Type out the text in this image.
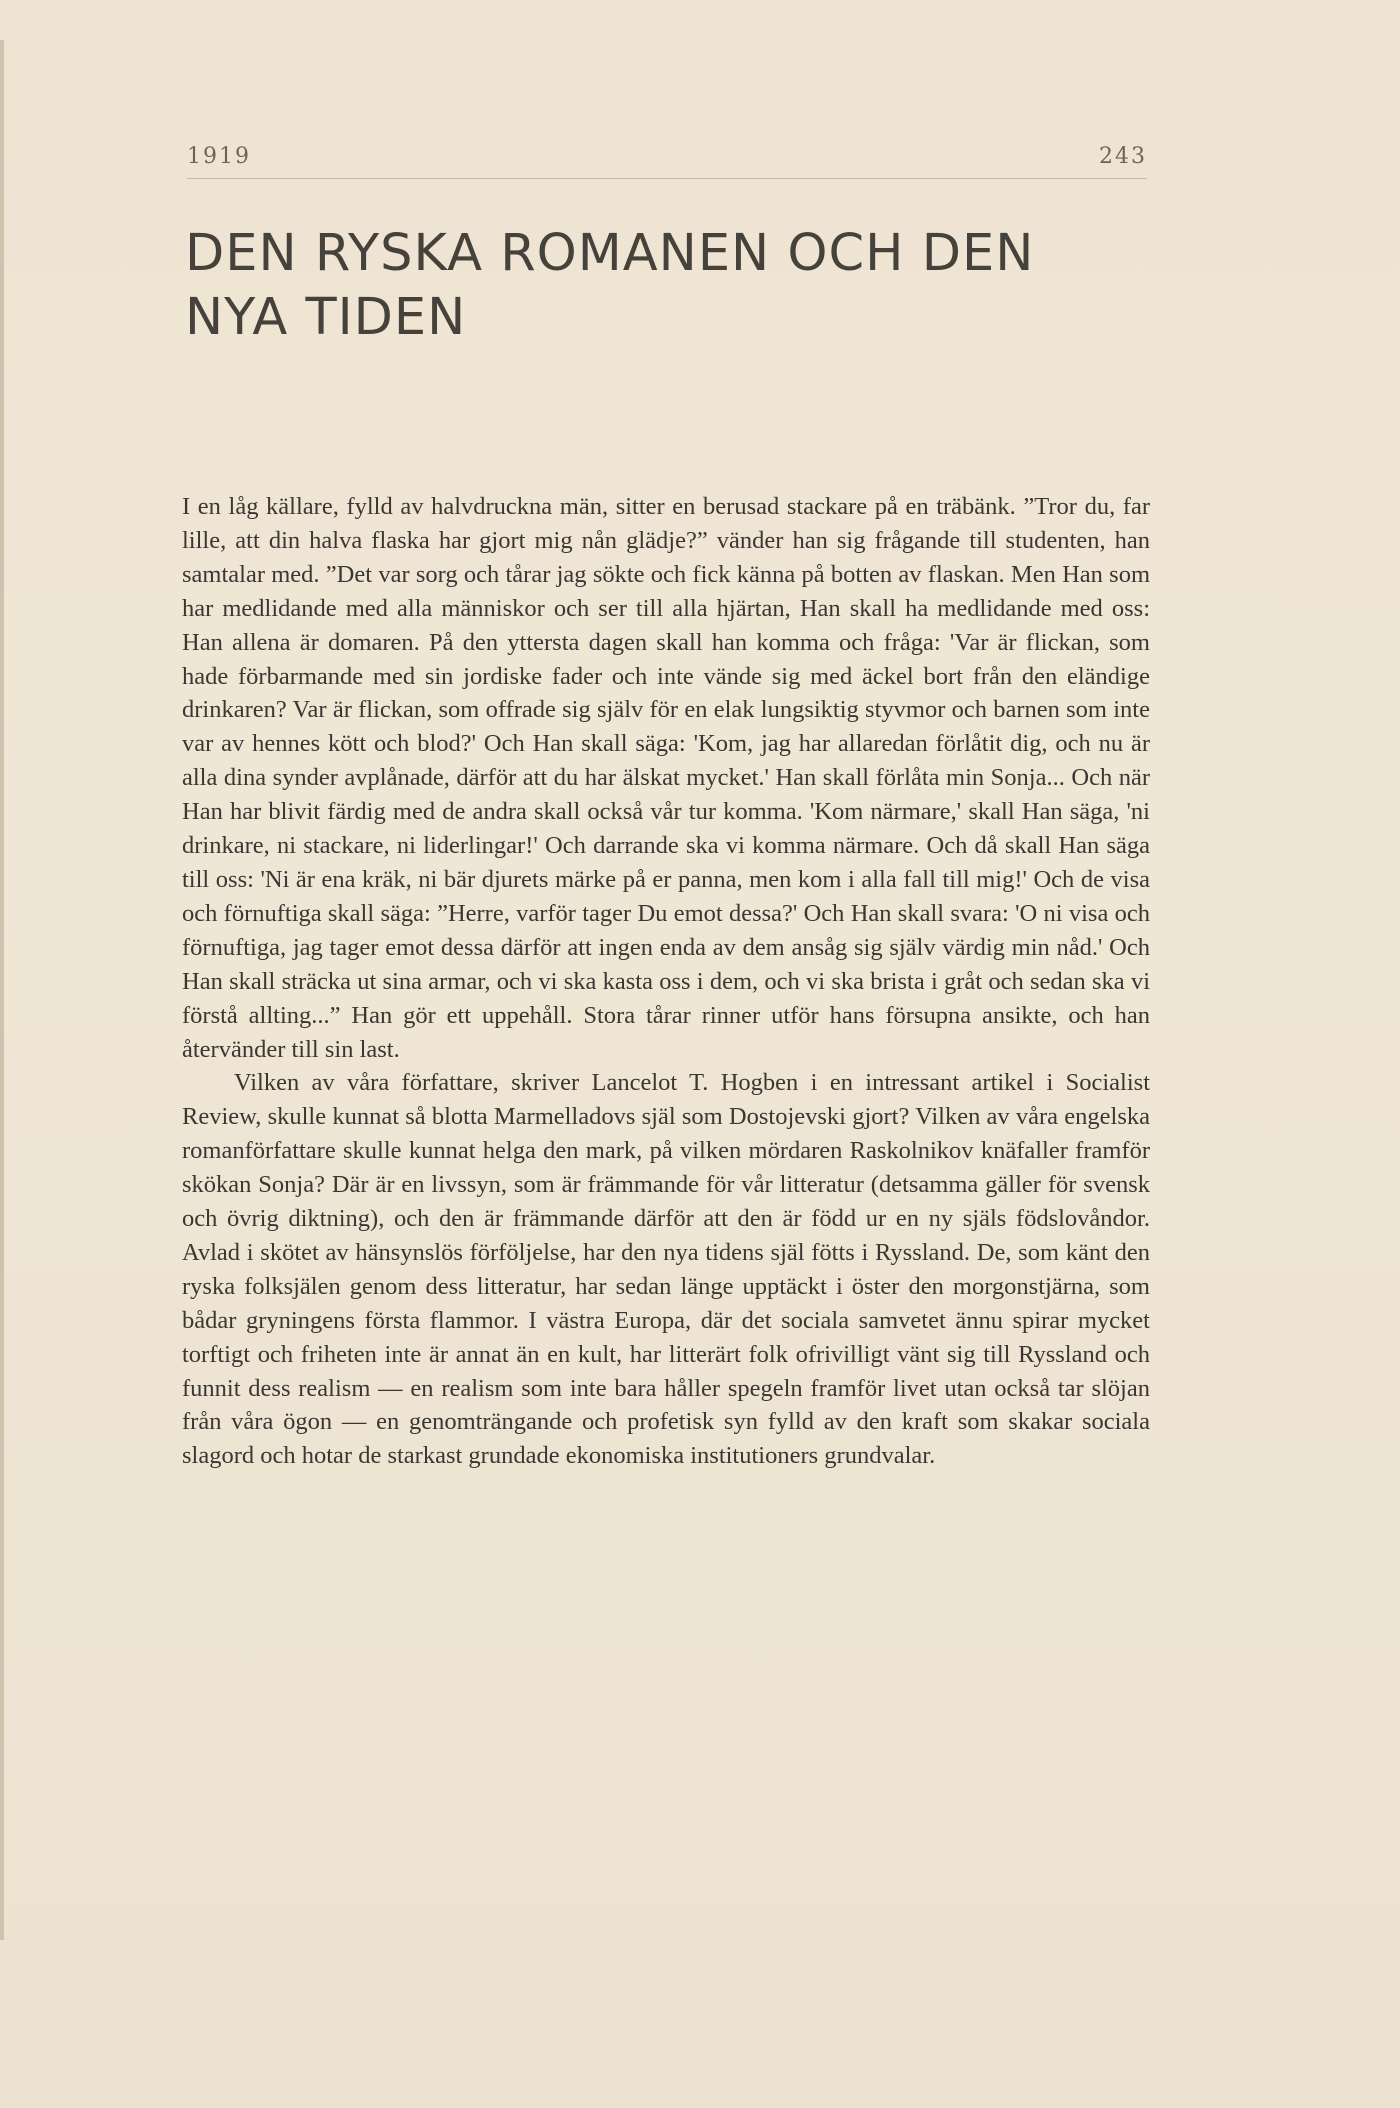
1919	243
DEN RYSKA ROMANEN OCH DEN
NYA TIDEN

I en låg källare, fylld av halvdruckna män, sitter en berusad stackare på en träbänk. ”Tror du, far lille, att din halva flaska har gjort mig nån glädje?” vänder han sig frågande till studenten, han samtalar med. ”Det var sorg och tårar jag sökte och fick känna på botten av flaskan. Men Han som har medlidande med alla människor och ser till alla hjärtan, Han skall ha medlidande med oss: Han allena är domaren. På den yttersta dagen skall han komma och fråga: 'Var är flickan, som hade förbarmande med sin jordiske fader och inte vände sig med äckel bort från den eländige drinkaren? Var är flickan, som offrade sig själv för en elak lungsiktig styvmor och barnen som inte var av hennes kött och blod?' Och Han skall säga: 'Kom, jag har allaredan förlåtit dig, och nu är alla dina synder avplånade, därför att du har älskat mycket.' Han skall förlåta min Sonja... Och när Han har blivit färdig med de andra skall också vår tur komma. 'Kom närmare,' skall Han säga, 'ni drinkare, ni stackare, ni liderlingar!' Och darrande ska vi komma närmare. Och då skall Han säga till oss: 'Ni är ena kräk, ni bär djurets märke på er panna, men kom i alla fall till mig!' Och de visa och förnuftiga skall säga: ”Herre, varför tager Du emot dessa?' Och Han skall svara: 'O ni visa och förnuftiga, jag tager emot dessa därför att ingen enda av dem ansåg sig själv värdig min nåd.' Och Han skall sträcka ut sina armar, och vi ska kasta oss i dem, och vi ska brista i gråt och sedan ska vi förstå allting...” Han gör ett uppehåll. Stora tårar rinner utför hans försupna ansikte, och han återvänder till sin last.

Vilken av våra författare, skriver Lancelot T. Hogben i en intressant artikel i Socialist Review, skulle kunnat så blotta Marmelladovs själ som Dostojevski gjort? Vilken av våra engelska romanförfattare skulle kunnat helga den mark, på vilken mördaren Raskolnikov knäfaller framför skökan Sonja? Där är en livssyn, som är främmande för vår litteratur (detsamma gäller för svensk och övrig diktning), och den är främmande därför att den är född ur en ny själs födslovåndor. Avlad i skötet av hänsynslös förföljelse, har den nya tidens själ fötts i Ryssland. De, som känt den ryska folksjälen genom dess litteratur, har sedan länge upptäckt i öster den morgonstjärna, som bådar gryningens första flammor. I västra Europa, där det sociala samvetet ännu spirar mycket torftigt och friheten inte är annat än en kult, har litterärt folk ofrivilligt vänt sig till Ryssland och funnit dess realism — en realism som inte bara håller spegeln framför livet utan också tar slöjan från våra ögon — en genomträngande och profetisk syn fylld av den kraft som skakar sociala slagord och hotar de starkast grundade ekonomiska institutioners grundvalar.
